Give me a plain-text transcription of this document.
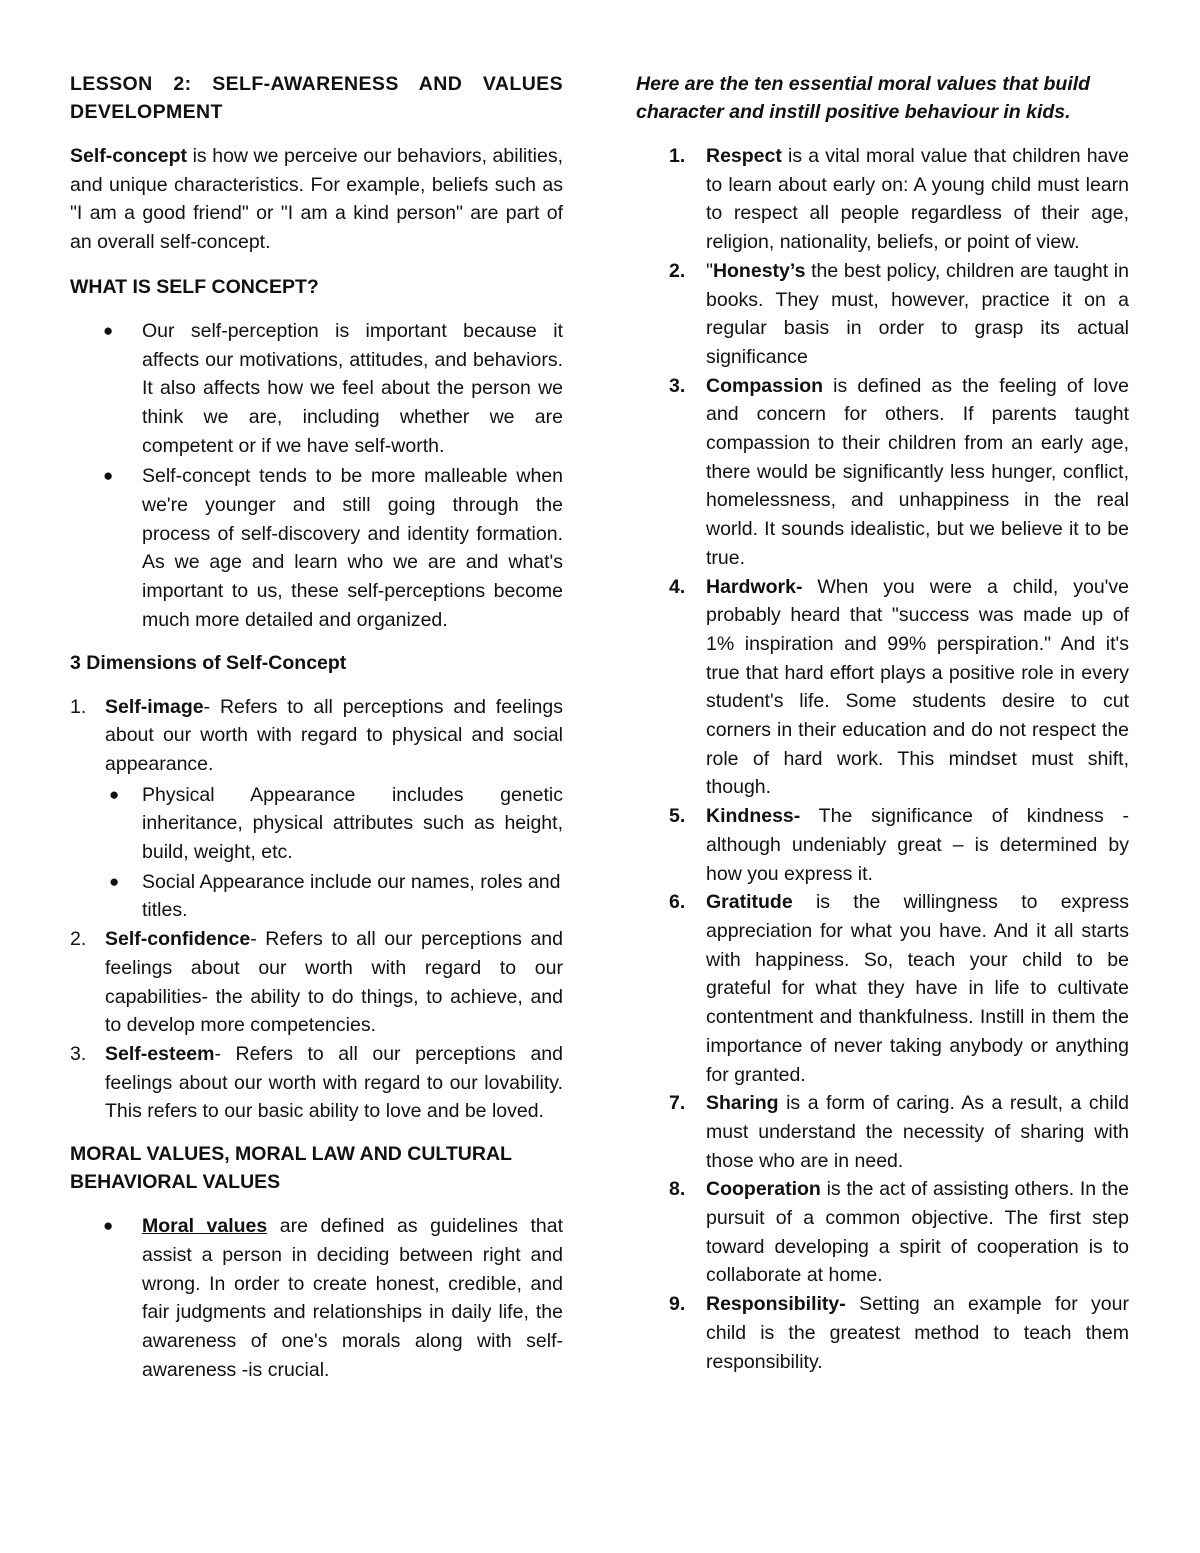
LESSON 2: SELF-AWARENESS AND VALUES DEVELOPMENT

Self-concept is how we perceive our behaviors, abilities, and unique characteristics. For example, beliefs such as "I am a good friend" or "I am a kind person" are part of an overall self-concept.

WHAT IS SELF CONCEPT?
● Our self-perception is important because it affects our motivations, attitudes, and behaviors. It also affects how we feel about the person we think we are, including whether we are competent or if we have self-worth.
● Self-concept tends to be more malleable when we're younger and still going through the process of self-discovery and identity formation. As we age and learn who we are and what's important to us, these self-perceptions become much more detailed and organized.
3 Dimensions of Self-Concept
1. Self-image- Refers to all perceptions and feelings about our worth with regard to physical and social appearance.
● Physical Appearance includes genetic inheritance, physical attributes such as height, build, weight, etc.
● Social Appearance include our names, roles and titles.
2. Self-confidence- Refers to all our perceptions and feelings about our worth with regard to our capabilities- the ability to do things, to achieve, and to develop more competencies.
3. Self-esteem- Refers to all our perceptions and feelings about our worth with regard to our lovability. This refers to our basic ability to love and be loved.
MORAL VALUES, MORAL LAW AND CULTURAL BEHAVIORAL VALUES
● Moral values are defined as guidelines that assist a person in deciding between right and wrong. In order to create honest, credible, and fair judgments and relationships in daily life, the awareness of one's morals along with self-awareness -is crucial.

Here are the ten essential moral values that build character and instill positive behaviour in kids.

1. Respect is a vital moral value that children have to learn about early on: A young child must learn to respect all people regardless of their age, religion, nationality, beliefs, or point of view.
2. "Honesty’s the best policy, children are taught in books. They must, however, practice it on a regular basis in order to grasp its actual significance
3. Compassion is defined as the feeling of love and concern for others. If parents taught compassion to their children from an early age, there would be significantly less hunger, conflict, homelessness, and unhappiness in the real world. It sounds idealistic, but we believe it to be true.
4. Hardwork- When you were a child, you've probably heard that "success was made up of 1% inspiration and 99% perspiration." And it's true that hard effort plays a positive role in every student's life. Some students desire to cut corners in their education and do not respect the role of hard work. This mindset must shift, though.
5. Kindness- The significance of kindness - although undeniably great – is determined by how you express it.
6. Gratitude is the willingness to express appreciation for what you have. And it all starts with happiness. So, teach your child to be grateful for what they have in life to cultivate contentment and thankfulness. Instill in them the importance of never taking anybody or anything for granted.
7. Sharing is a form of caring. As a result, a child must understand the necessity of sharing with those who are in need.
8. Cooperation is the act of assisting others. In the pursuit of a common objective. The first step toward developing a spirit of cooperation is to collaborate at home.
9. Responsibility- Setting an example for your child is the greatest method to teach them responsibility.
